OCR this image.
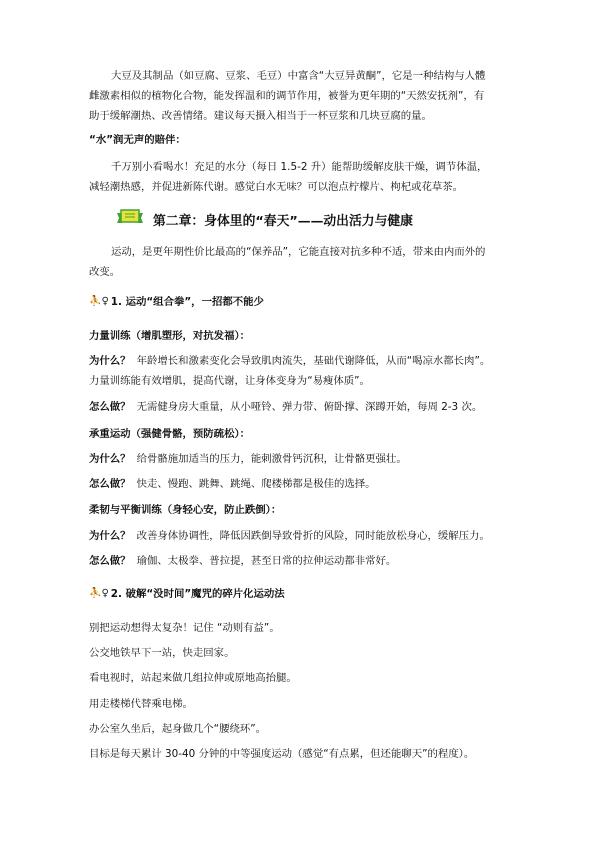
大豆及其制品（如豆腐、豆浆、毛豆）中富含“大豆异黄酮”，它是一种结构与人體

雌激素相似的植物化合物，能发挥温和的调节作用，被誉为更年期的“天然安抚剂”，有

助于缓解潮热、改善情绪。建议每天摄入相当于一杯豆浆和几块豆腐的量。

“水”润无声的賠伴：

千万别小看喝水！充足的水分（每日 1.5-2 升）能帮助缓解皮肤干燥，调节体温，

减轻潮热感，并促进新陈代谢。感觉白水无味？可以泡点柠檬片、枸杞或花草茶。

第二章：身体里的“春天”——动出活力与健康

运动，是更年期性价比最高的“保养品”，它能直接对抗多种不适，带来由内而外的

改变。

⛹♀ 1. 运动“组合拳”，一招都不能少

力量训练（增肌塑形，对抗发福）：

为什么？ 年龄增长和激素变化会导致肌肉流失，基础代谢降低，从而“喝凉水都长肉”。

力量训练能有效增肌，提高代谢，让身体变身为“易瘦体质”。

怎么做？ 无需健身房大重量，从小哑铃、弹力带、俯卧撑、深蹲开始，每周 2-3 次。

承重运动（强健骨骼，预防疏松）：

为什么？ 给骨骼施加适当的压力，能刺激骨钙沉积，让骨骼更强壮。

怎么做？ 快走、慢跑、跳舞、跳绳、爬楼梯都是极佳的选择。

柔韧与平衡训练（身轻心安，防止跌倒）：

为什么？ 改善身体协调性，降低因跌倒导致骨折的风险，同时能放松身心，缓解压力。

怎么做？ 瑜伽、太极拳、普拉提，甚至日常的拉伸运动都非常好。

⛹♀ 2. 破解“没时间”魔咒的碎片化运动法

别把运动想得太复杂！记住 “动则有益”。

公交地铁早下一站，快走回家。

看电视时，站起来做几组拉伸或原地高抬腿。

用走楼梯代替乘电梯。

办公室久坐后，起身做几个“腰绕环”。

目标是每天累计 30-40 分钟的中等强度运动（感觉“有点累，但还能聊天”的程度）。
